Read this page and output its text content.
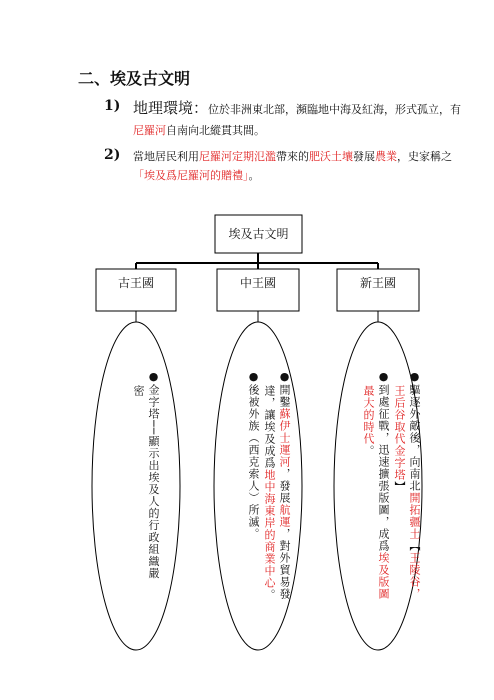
二、埃及古文明
1) 地理環境：位於非洲東北部，瀕臨地中海及紅海，形式孤立，有
尼羅河自南向北縱貫其間。
2) 當地居民利用尼羅河定期氾濫帶來的肥沃土壤發展農業，史家稱之
「埃及爲尼羅河的贈禮」。
埃及古文明
古王國	中王國	新王國
●金字塔──顯示出埃及人的行政組織嚴
密	●開鑿蘇伊士運河，發展航運，對外貿易發
達，讓埃及成爲地中海東岸的商業中心。
●後被外族（西克索人）所滅。	●驅逐外敵後，向南北開拓疆土【王陵谷，
王后谷取代金字塔】
●到處征戰，迅速擴張版圖，成爲埃及版圖
最大的時代。
